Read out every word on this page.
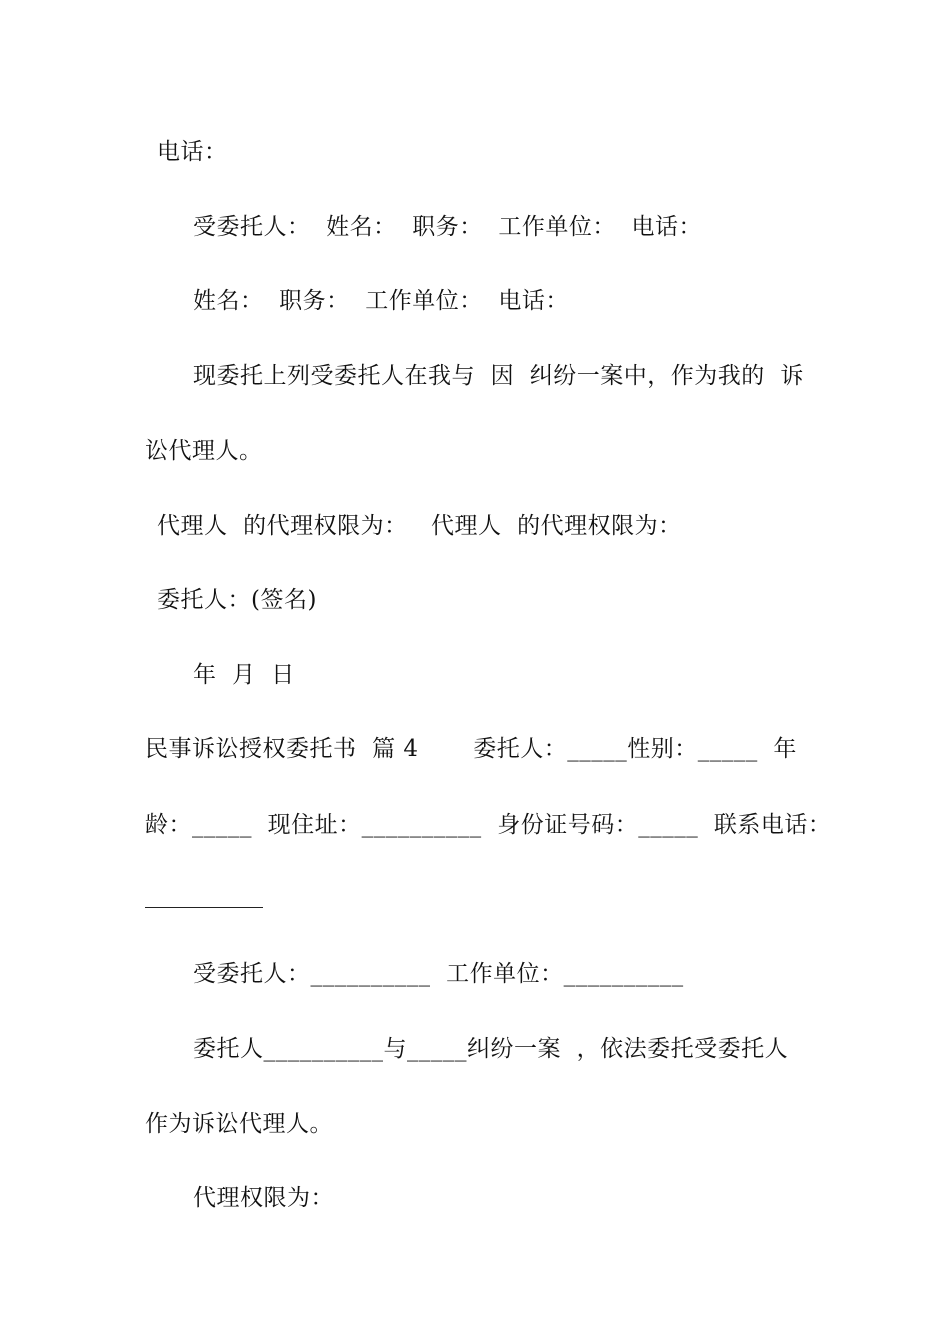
电话：
受委托人：  姓名：  职务：  工作单位：  电话：
姓名：  职务：  工作单位：  电话：
现委托上列受委托人在我与  因  纠纷一案中，作为我的  诉
讼代理人。
代理人  的代理权限为：   代理人  的代理权限为：
委托人：(签名)
年  月  日
民事诉讼授权委托书  篇 4       委托人：_____性别：_____  年
龄：_____  现住址：__________  身份证号码：_____  联系电话：
受委托人：__________  工作单位：__________
委托人__________与_____纠纷一案  ，依法委托受委托人
作为诉讼代理人。
代理权限为：
